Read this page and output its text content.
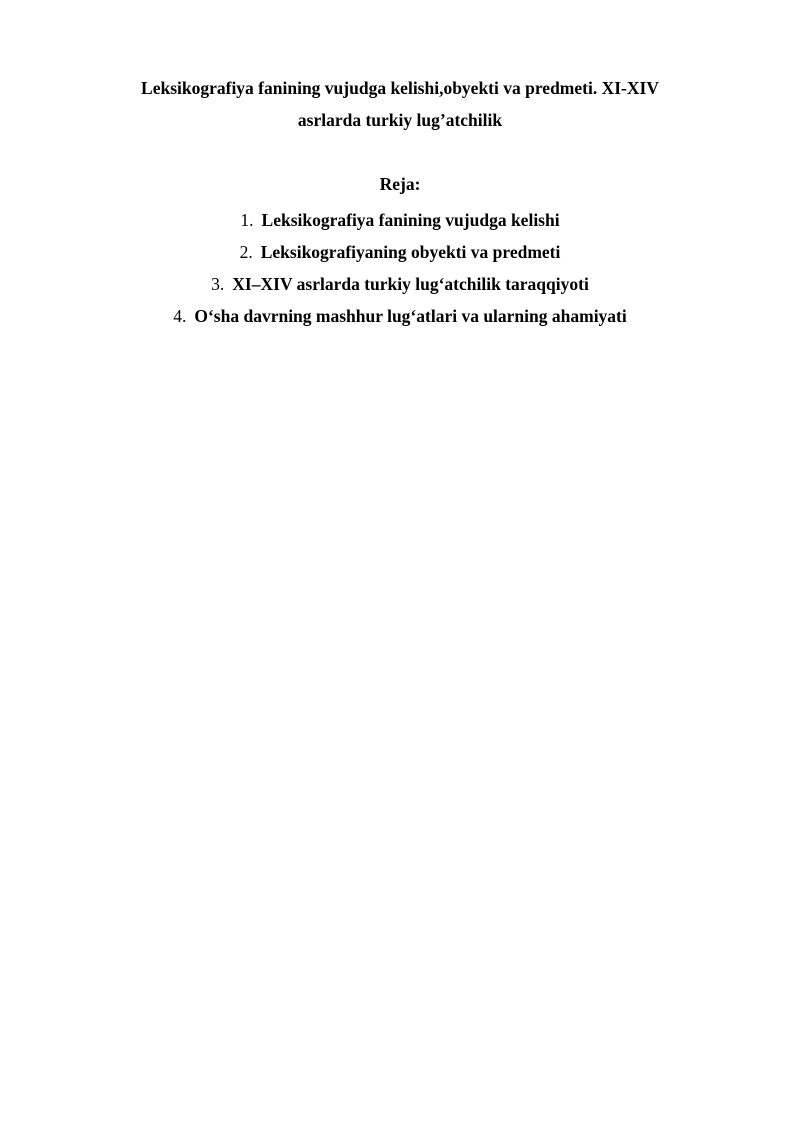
Leksikografiya fanining vujudga kelishi,obyekti va predmeti. XI-XIV
asrlarda turkiy lug’atchilik
Reja:
1. Leksikografiya fanining vujudga kelishi
2. Leksikografiyaning obyekti va predmeti
3. XI–XIV asrlarda turkiy lug‘atchilik taraqqiyoti
4. O‘sha davrning mashhur lug‘atlari va ularning ahamiyati
